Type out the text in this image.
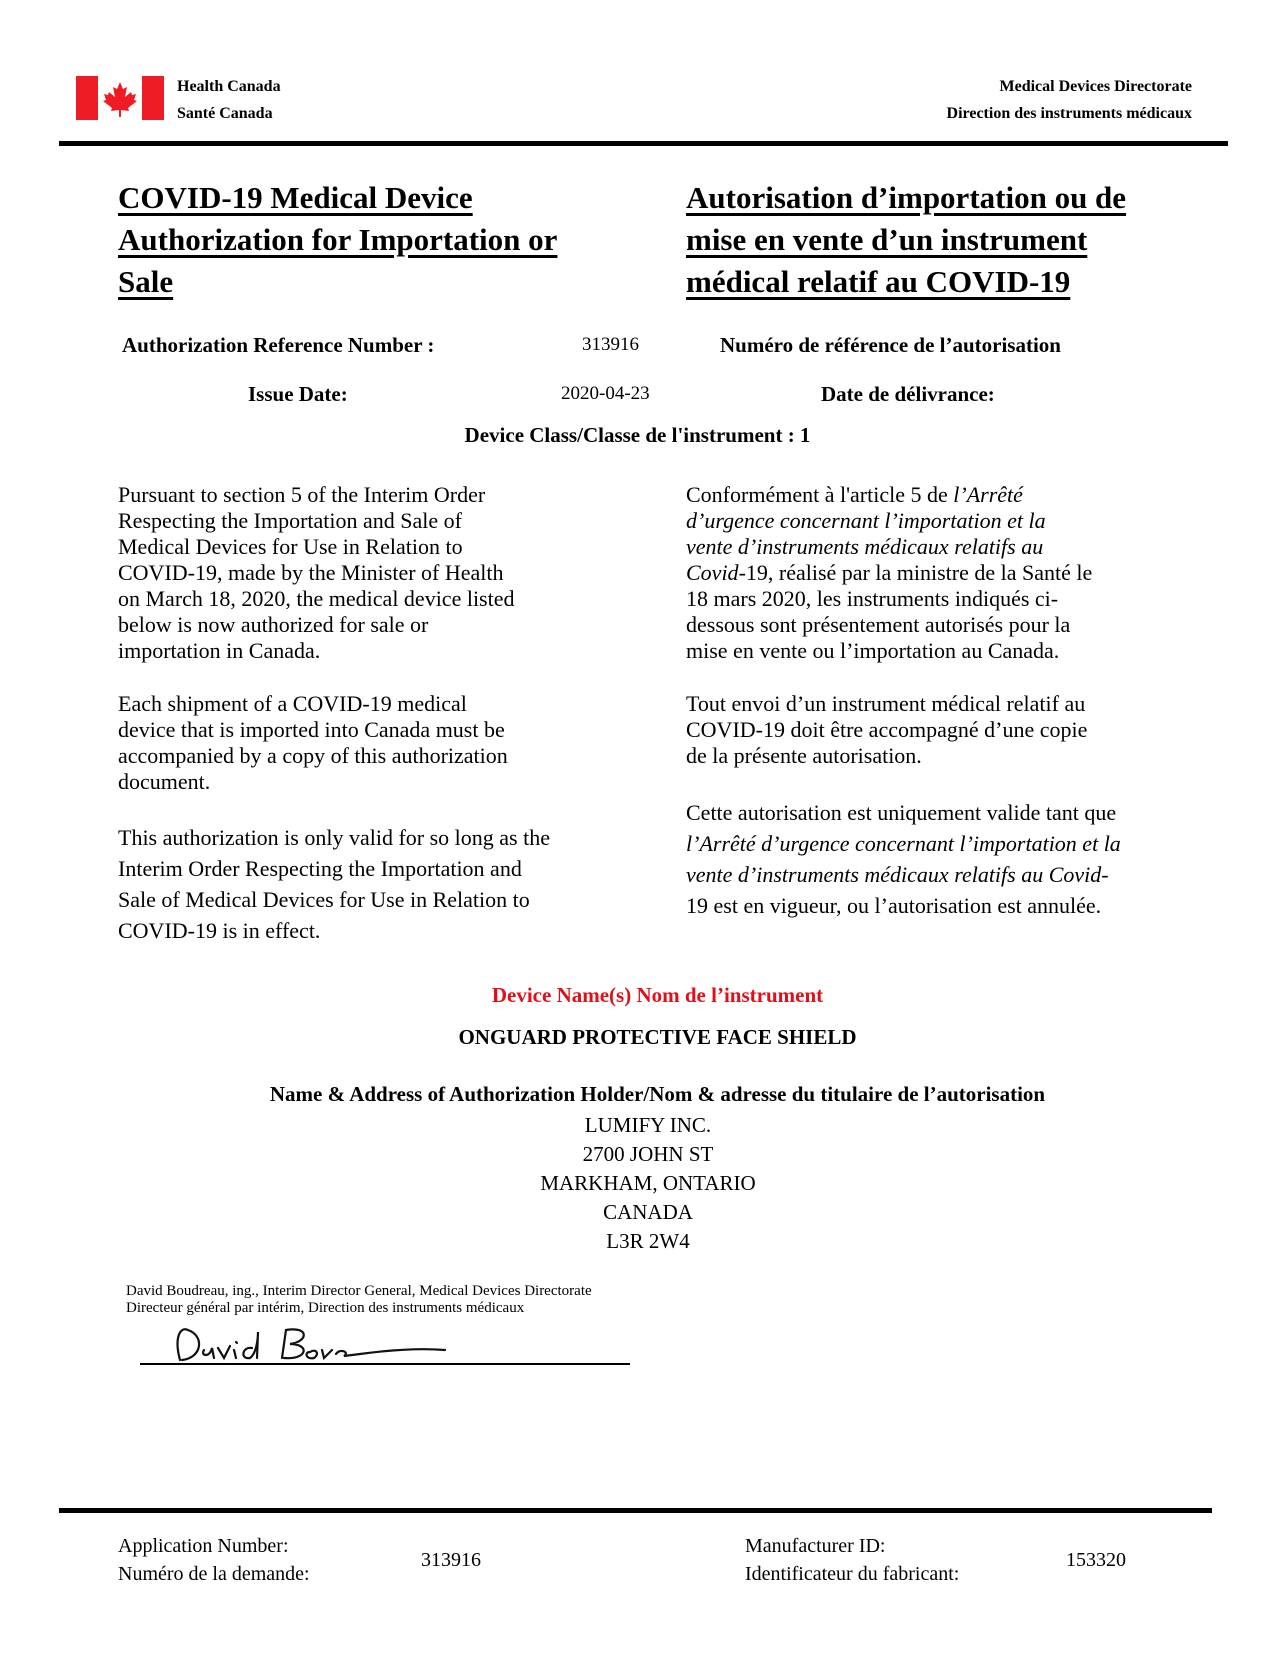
Health Canada
Santé Canada
Medical Devices Directorate
Direction des instruments médicaux
COVID-19 Medical Device
Authorization for Importation or
Sale
Autorisation d’importation ou de
mise en vente d’un instrument
médical relatif au COVID-19
Authorization Reference Number :	313916	Numéro de référence de l’autorisation
Issue Date:	2020-04-23	Date de délivrance:
Device Class/Classe de l'instrument : 1
Pursuant to section 5 of the Interim Order
Respecting the Importation and Sale of
Medical Devices for Use in Relation to
COVID-19, made by the Minister of Health
on March 18, 2020, the medical device listed
below is now authorized for sale or
importation in Canada.
Each shipment of a COVID-19 medical
device that is imported into Canada must be
accompanied by a copy of this authorization
document.
This authorization is only valid for so long as the
Interim Order Respecting the Importation and
Sale of Medical Devices for Use in Relation to
COVID-19 is in effect.
Conformément à l'article 5 de l’Arrêté
d’urgence concernant l’importation et la
vente d’instruments médicaux relatifs au
Covid-19, réalisé par la ministre de la Santé le
18 mars 2020, les instruments indiqués ci-
dessous sont présentement autorisés pour la
mise en vente ou l’importation au Canada.
Tout envoi d’un instrument médical relatif au
COVID-19 doit être accompagné d’une copie
de la présente autorisation.
Cette autorisation est uniquement valide tant que
l’Arrêté d’urgence concernant l’importation et la
vente d’instruments médicaux relatifs au Covid-
19 est en vigueur, ou l’autorisation est annulée.
Device Name(s) Nom de l’instrument
ONGUARD PROTECTIVE FACE SHIELD
Name & Address of Authorization Holder/Nom & adresse du titulaire de l’autorisation
LUMIFY INC.
2700 JOHN ST
MARKHAM, ONTARIO
CANADA
L3R 2W4
David Boudreau, ing., Interim Director General, Medical Devices Directorate
Directeur général par intérim, Direction des instruments médicaux
Application Number:
Numéro de la demande:
313916
Manufacturer ID:
Identificateur du fabricant:
153320
